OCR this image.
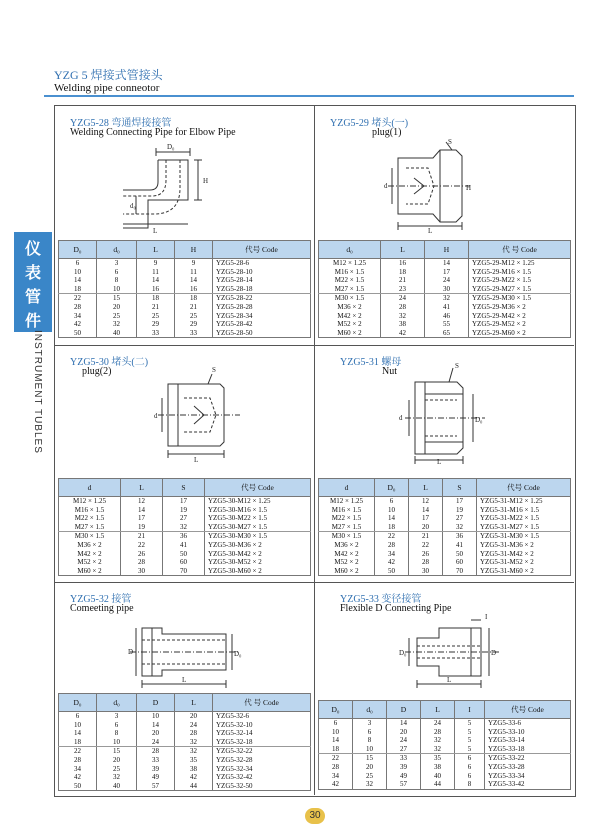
YZG 5 焊接式管接头
Welding pipe conneotor
仪
表
管
件
INSTRUMENT TUBLES
YZG5-28 弯通焊接接管
Welding Connecting Pipe for Elbow Pipe
D₀
H
d₀
L
D₀	d₀	L	H	代号 Code
6	3	9	9	YZG5-28-6
10	6	11	11	YZG5-28-10
14	8	14	14	YZG5-28-14
18	10	16	16	YZG5-28-18
22	15	18	18	YZG5-28-22
28	20	21	21	YZG5-28-28
34	25	25	25	YZG5-28-34
42	32	29	29	YZG5-28-42
50	40	33	33	YZG5-28-50
YZG5-29 堵头(一)
plug(1)
S
d	H
L
d₀	L	H	代 号 Code
M12 × 1.25	16	14	YZG5-29-M12 × 1.25
M16 × 1.5	18	17	YZG5-29-M16 × 1.5
M22 × 1.5	21	24	YZG5-29-M22 × 1.5
M27 × 1.5	23	30	YZG5-29-M27 × 1.5
M30 × 1.5	24	32	YZG5-29-M30 × 1.5
M36 × 2	28	41	YZG5-29-M36 × 2
M42 × 2	32	46	YZG5-29-M42 × 2
M52 × 2	38	55	YZG5-29-M52 × 2
M60 × 2	42	65	YZG5-29-M60 × 2
YZG5-30 堵头(二)
plug(2)	S
d
L
d	L	S	代号 Code
M12 × 1.25	12	17	YZG5-30-M12 × 1.25
M16 × 1.5	14	19	YZG5-30-M16 × 1.5
M22 × 1.5	17	27	YZG5-30-M22 × 1.5
M27 × 1.5	19	32	YZG5-30-M27 × 1.5
M30 × 1.5	21	36	YZG5-30-M30 × 1.5
M36 × 2	22	41	YZG5-30-M36 × 2
M42 × 2	26	50	YZG5-30-M42 × 2
M52 × 2	28	60	YZG5-30-M52 × 2
M60 × 2	30	70	YZG5-30-M60 × 2
YZG5-31 螺母
Nut	S
d	D₀
L
d	D₀	L	S	代号 Code
M12 × 1.25	6	12	17	YZG5-31-M12 × 1.25
M16 × 1.5	10	14	19	YZG5-31-M16 × 1.5
M22 × 1.5	14	17	27	YZG5-31-M22 × 1.5
M27 × 1.5	18	20	32	YZG5-31-M27 × 1.5
M30 × 1.5	22	21	36	YZG5-31-M30 × 1.5
M36 × 2	28	22	41	YZG5-31-M36 × 2
M42 × 2	34	26	50	YZG5-31-M42 × 2
M52 × 2	42	28	60	YZG5-31-M52 × 2
M60 × 2	50	30	70	YZG5-31-M60 × 2
YZG5-32 接管
Comeeting pipe
D	D₀
L
D₀	d₀	D	L	代 号 Code
6	3	10	20	YZG5-32-6
10	6	14	24	YZG5-32-10
14	8	20	28	YZG5-32-14
18	10	24	32	YZG5-32-18
22	15	28	32	YZG5-32-22
28	20	33	35	YZG5-32-28
34	25	39	38	YZG5-32-34
42	32	49	42	YZG5-32-42
50	40	57	44	YZG5-32-50
YZG5-33 变径接管
Flexible D Connecting Pipe
D₀	D
L
I
D₀	d₀	D	L	I	代号 Code
6	3	14	24	5	YZG5-33-6
10	6	20	28	5	YZG5-33-10
14	8	24	32	5	YZG5-33-14
18	10	27	32	5	YZG5-33-18
22	15	33	35	6	YZG5-33-22
28	20	39	38	6	YZG5-33-28
34	25	49	40	6	YZG5-33-34
42	32	57	44	8	YZG5-33-42
30
